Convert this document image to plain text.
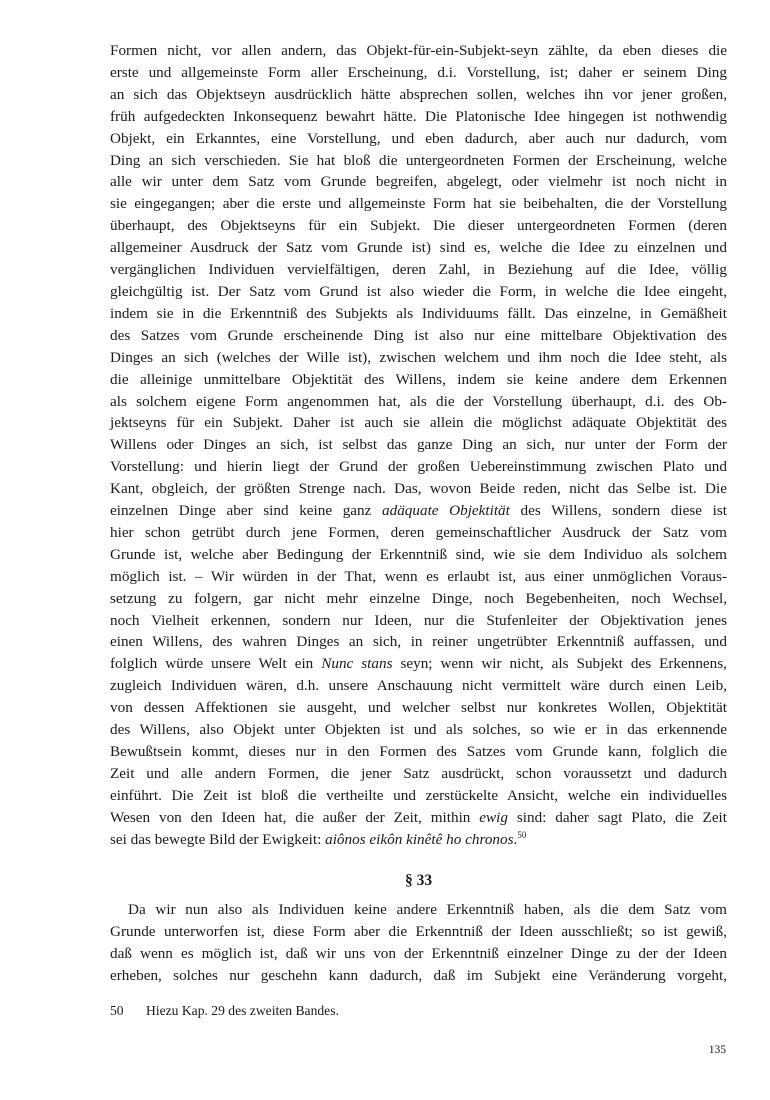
Formen nicht, vor allen andern, das Objekt-für-ein-Subjekt-seyn zählte, da eben dieses die
erste und allgemeinste Form aller Erscheinung, d.i. Vorstellung, ist; daher er seinem Ding
an sich das Objektseyn ausdrücklich hätte absprechen sollen, welches ihn vor jener großen,
früh aufgedeckten Inkonsequenz bewahrt hätte. Die Platonische Idee hingegen ist nothwendig
Objekt, ein Erkanntes, eine Vorstellung, und eben dadurch, aber auch nur dadurch, vom
Ding an sich verschieden. Sie hat bloß die untergeordneten Formen der Erscheinung, welche
alle wir unter dem Satz vom Grunde begreifen, abgelegt, oder vielmehr ist noch nicht in
sie eingegangen; aber die erste und allgemeinste Form hat sie beibehalten, die der Vorstellung
überhaupt, des Objektseyns für ein Subjekt. Die dieser untergeordneten Formen (deren
allgemeiner Ausdruck der Satz vom Grunde ist) sind es, welche die Idee zu einzelnen und
vergänglichen Individuen vervielfältigen, deren Zahl, in Beziehung auf die Idee, völlig
gleichgültig ist. Der Satz vom Grund ist also wieder die Form, in welche die Idee eingeht,
indem sie in die Erkenntniß des Subjekts als Individuums fällt. Das einzelne, in Gemäßheit
des Satzes vom Grunde erscheinende Ding ist also nur eine mittelbare Objektivation des
Dinges an sich (welches der Wille ist), zwischen welchem und ihm noch die Idee steht, als
die alleinige unmittelbare Objektität des Willens, indem sie keine andere dem Erkennen
als solchem eigene Form angenommen hat, als die der Vorstellung überhaupt, d.i. des Ob-
jektseyns für ein Subjekt. Daher ist auch sie allein die möglichst adäquate Objektität des
Willens oder Dinges an sich, ist selbst das ganze Ding an sich, nur unter der Form der
Vorstellung: und hierin liegt der Grund der großen Uebereinstimmung zwischen Plato und
Kant, obgleich, der größten Strenge nach. Das, wovon Beide reden, nicht das Selbe ist. Die
einzelnen Dinge aber sind keine ganz adäquate Objektität des Willens, sondern diese ist
hier schon getrübt durch jene Formen, deren gemeinschaftlicher Ausdruck der Satz vom
Grunde ist, welche aber Bedingung der Erkenntniß sind, wie sie dem Individuo als solchem
möglich ist. – Wir würden in der That, wenn es erlaubt ist, aus einer unmöglichen Voraus-
setzung zu folgern, gar nicht mehr einzelne Dinge, noch Begebenheiten, noch Wechsel,
noch Vielheit erkennen, sondern nur Ideen, nur die Stufenleiter der Objektivation jenes
einen Willens, des wahren Dinges an sich, in reiner ungetrübter Erkenntniß auffassen, und
folglich würde unsere Welt ein Nunc stans seyn; wenn wir nicht, als Subjekt des Erkennens,
zugleich Individuen wären, d.h. unsere Anschauung nicht vermittelt wäre durch einen Leib,
von dessen Affektionen sie ausgeht, und welcher selbst nur konkretes Wollen, Objektität
des Willens, also Objekt unter Objekten ist und als solches, so wie er in das erkennende
Bewußtsein kommt, dieses nur in den Formen des Satzes vom Grunde kann, folglich die
Zeit und alle andern Formen, die jener Satz ausdrückt, schon voraussetzt und dadurch
einführt. Die Zeit ist bloß die vertheilte und zerstückelte Ansicht, welche ein individuelles
Wesen von den Ideen hat, die außer der Zeit, mithin ewig sind: daher sagt Plato, die Zeit
sei das bewegte Bild der Ewigkeit: aiônos eikôn kinêtê ho chronos.$^{50}$
§ 33
Da wir nun also als Individuen keine andere Erkenntniß haben, als die dem Satz vom
Grunde unterworfen ist, diese Form aber die Erkenntniß der Ideen ausschließt; so ist gewiß,
daß wenn es möglich ist, daß wir uns von der Erkenntniß einzelner Dinge zu der der Ideen
erheben, solches nur geschehn kann dadurch, daß im Subjekt eine Veränderung vorgeht,
50 Hiezu Kap. 29 des zweiten Bandes.
135
